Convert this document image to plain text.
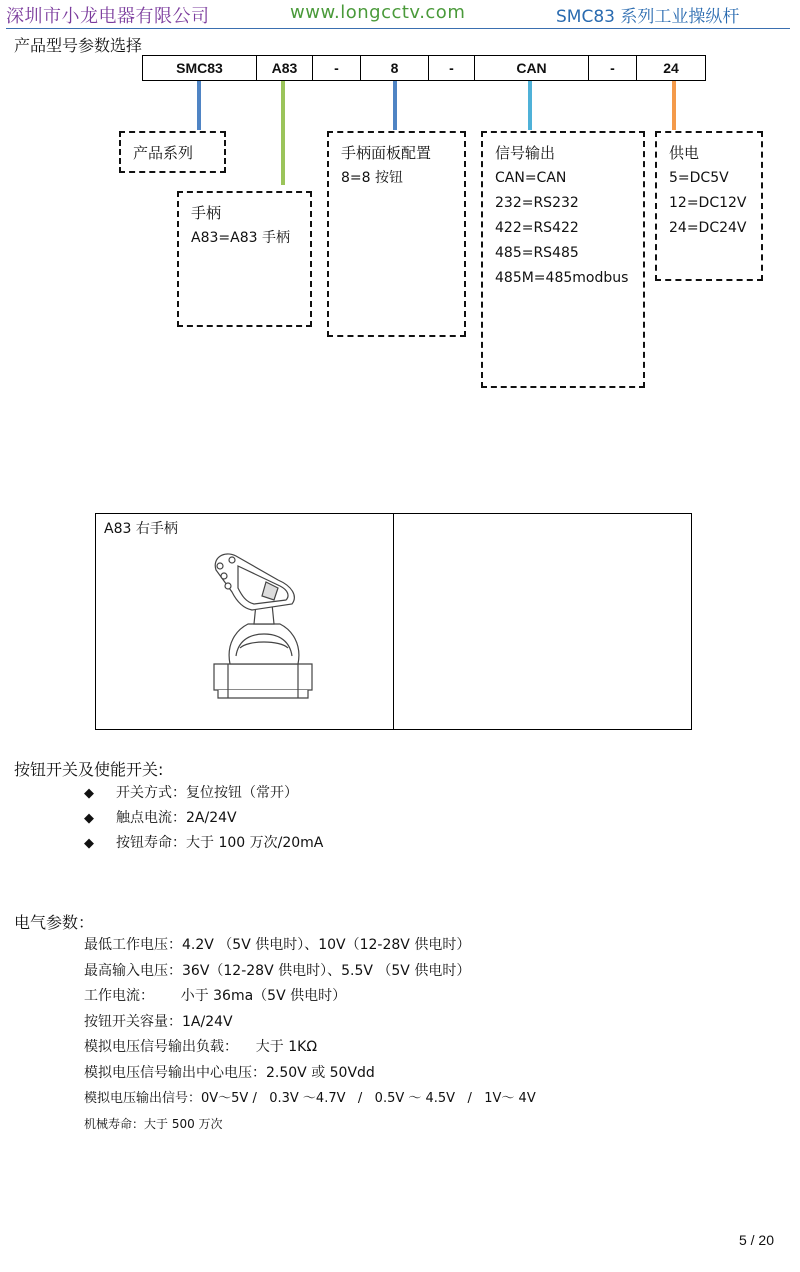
深圳市小龙电器有限公司	www.longcctv.com	SMC83 系列工业操纵杆
产品型号参数选择
SMC83	A83	-	8	-	CAN	-	24
产品系列
手柄
A83=A83 手柄
手柄面板配置
8=8 按钮
信号输出
CAN=CAN
232=RS232
422=RS422
485=RS485
485M=485modbus
供电
5=DC5V
12=DC12V
24=DC24V
A83 右手柄
按钮开关及使能开关:
◆ 开关方式：复位按钮（常开）
◆ 触点电流：2A/24V
◆ 按钮寿命：大于 100 万次/20mA
电气参数：
最低工作电压：4.2V （5V 供电时）、10V（12-28V 供电时）
最高输入电压：36V（12-28V 供电时）、5.5V （5V 供电时）
工作电流：      小于 36ma（5V 供电时）
按钮开关容量：1A/24V
模拟电压信号输出负载：    大于 1KΩ
模拟电压信号输出中心电压：2.50V 或 50Vdd
模拟电压输出信号：0V～5V /   0.3V ～4.7V   /   0.5V ～ 4.5V   /   1V～ 4V
机械寿命：大于 500 万次
5 / 20
